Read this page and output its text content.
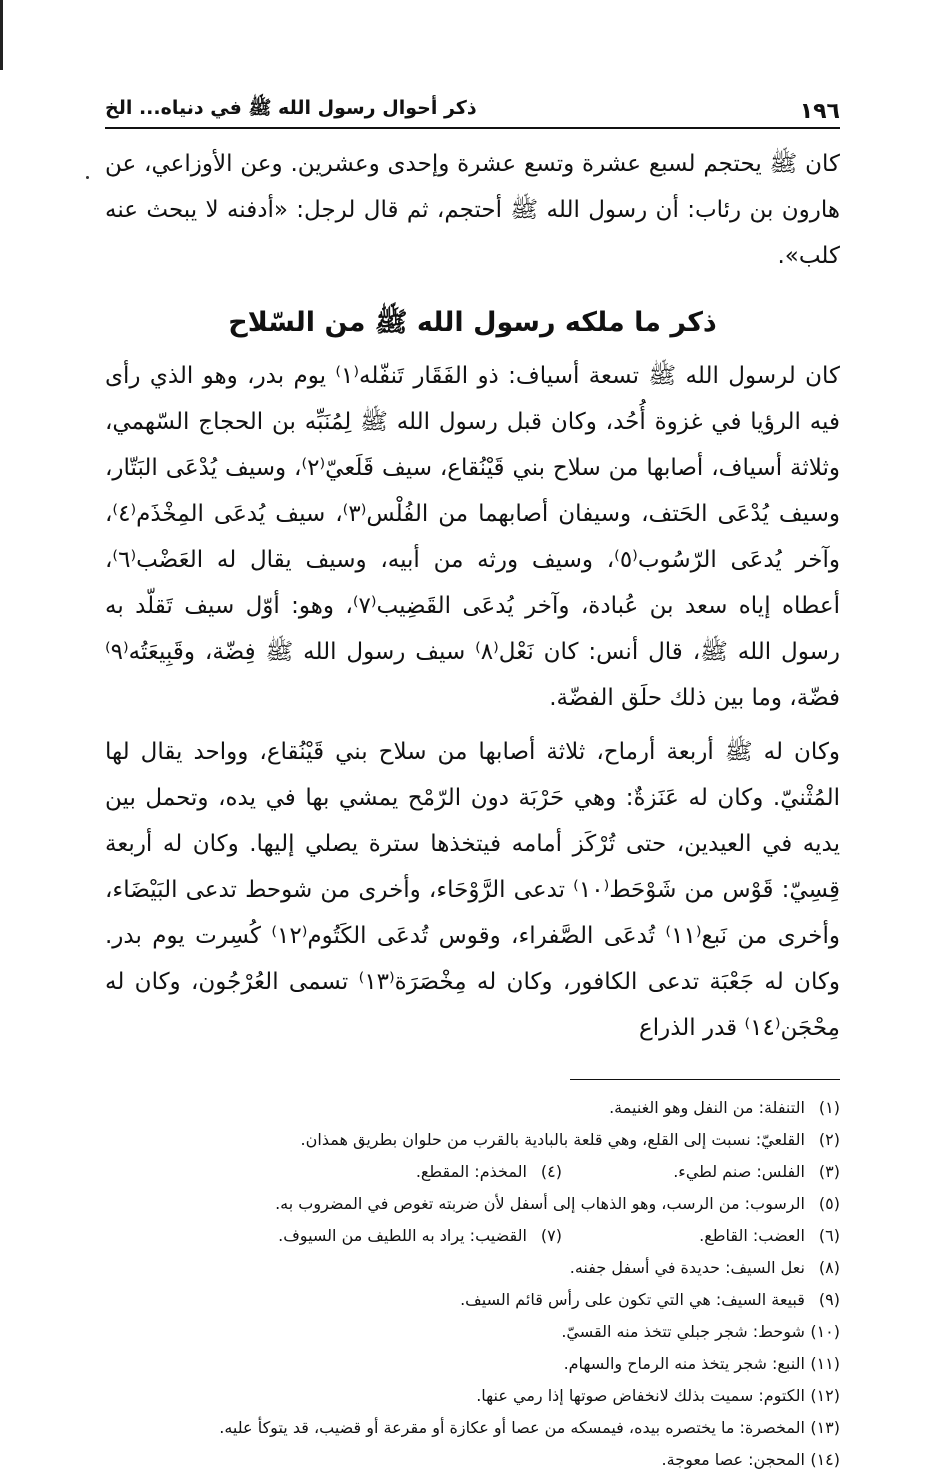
١٩٦
ذكر أحوال رسول الله ﷺ في دنياه... الخ

كان ﷺ يحتجم لسبع عشرة وتسع عشرة وإحدى وعشرين. وعن الأوزاعي، عن هارون بن رئاب: أن رسول الله ﷺ أحتجم، ثم قال لرجل: «أدفنه لا يبحث عنه كلب».

ذكر ما ملكه رسول الله ﷺ من السّلاح

كان لرسول الله ﷺ تسعة أسياف: ذو الفَقَار تَنفّله⁽١⁾ يوم بدر، وهو الذي رأى فيه الرؤيا في غزوة أُحُد، وكان قبل رسول الله ﷺ لِمُنَبِّه بن الحجاج السّهمي، وثلاثة أسياف، أصابها من سلاح بني قَيْنُقاع، سيف قَلَعيّ⁽٢⁾، وسيف يُدْعَى البَتّار، وسيف يُدْعَى الحَتف، وسيفان أصابهما من الفُلْس⁽٣⁾، سيف يُدعَى المِخْذَم⁽٤⁾، وآخر يُدعَى الرّسُوب⁽٥⁾، وسيف ورثه من أبيه، وسيف يقال له العَضْب⁽٦⁾، أعطاه إياه سعد بن عُبادة، وآخر يُدعَى القَضِيب⁽٧⁾، وهو: أوّل سيف تَقلّد به رسول الله ﷺ، قال أنس: كان نَعْل⁽٨⁾ سيف رسول الله ﷺ فِضّة، وقَبِيعَتُه⁽٩⁾ فضّة، وما بين ذلك حلَق الفضّة.

وكان له ﷺ أربعة أرماح، ثلاثة أصابها من سلاح بني قَيْنُقاع، وواحد يقال لها المُثْنيّ. وكان له عَنَزةٌ: وهي حَرْبَة دون الرّمْح يمشي بها في يده، وتحمل بين يديه في العيدين، حتى تُرْكَز أمامه فيتخذها سترة يصلي إليها. وكان له أربعة قِسِيّ: قَوْس من شَوْحَط⁽١٠⁾ تدعى الرَّوْحَاء، وأخرى من شوحط تدعى البَيْضَاء، وأخرى من نَبع⁽١١⁾ تُدعَى الصَّفراء، وقوس تُدعَى الكَتُوم⁽١٢⁾ كُسِرت يوم بدر. وكان له جَعْبَة تدعى الكافور، وكان له مِخْصَرَة⁽١٣⁾ تسمى العُرْجُون، وكان له مِحْجَن⁽١٤⁾ قدر الذراع

(١) التنفلة: من النفل وهو الغنيمة.
(٢) القلعيّ: نسبت إلى القلع، وهي قلعة بالبادية بالقرب من حلوان بطريق همذان.
(٣) الفلس: صنم لطيء.
(٤) المخذم: المقطع.
(٥) الرسوب: من الرسب، وهو الذهاب إلى أسفل لأن ضربته تغوص في المضروب به.
(٦) العضب: القاطع.
(٧) القضيب: يراد به اللطيف من السيوف.
(٨) نعل السيف: حديدة في أسفل جفنه.
(٩) قبيعة السيف: هي التي تكون على رأس قائم السيف.
(١٠) شوحط: شجر جبلي تتخذ منه القسيّ.
(١١) النبع: شجر يتخذ منه الرماح والسهام.
(١٢) الكتوم: سميت بذلك لانخفاض صوتها إذا رمي عنها.
(١٣) المخصرة: ما يختصره بيده، فيمسكه من عصا أو عكازة أو مقرعة أو قضيب، قد يتوكأ عليه.
(١٤) المحجن: عصا معوجة.
